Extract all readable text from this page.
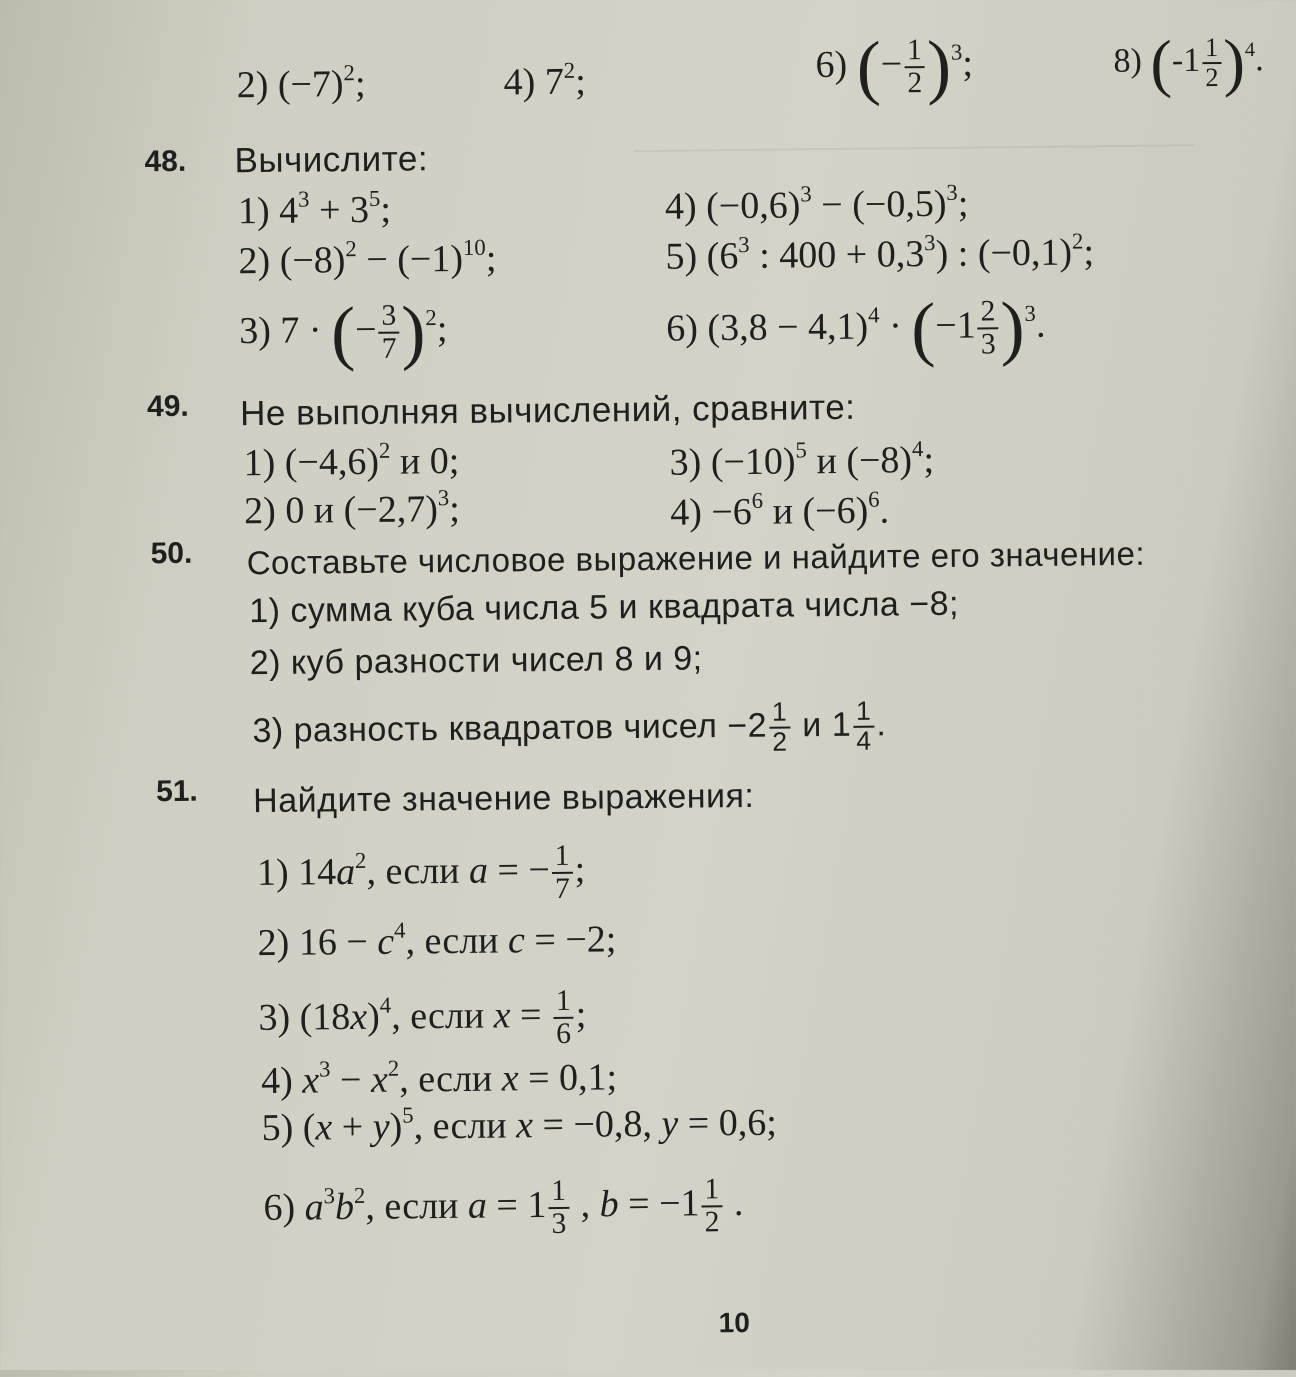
2) $(-7)^2$;	4) $7^2$;	6) (− $\frac{1}{2} )^3$;	8) $(-1 \frac{1}{2} )^4$.
48. Вычислите:
1) $4^3 + 3^5$;
2) $(-8)^2 - (-1)^{10}$;
3) 7 · (− $\frac{3}{7} )^2$;
4) $(-0,6)^3 - (-0,5)^3$;
5) ($6^3$ : $400 + 0,3^3$) : $(-0,1)^2$;
6) $(3,8 - 4,1)^4 \cdot (-1 \frac{2}{3} )^3$.
49. Не выполняя вычислений, сравните:
1) $(-4,6)^2$ и 0;
2) 0 и $(-2,7)^3$;
3) $(-10)^5$ и $(-8)^4$;
$4) -6^6$ и $(-6)^6$.
50. Составьте числовое выражение и найдите его значение:
1) сумма куба числа 5 и квадрата числа −8;
2) куб разности чисел 8 и 9;
3) разность квадратов чисел $-2 \frac{1}{2}$ и $1 \frac{1}{4}$ .
51. Найдите значение выражения:
1) $14a^2$, если a = − $\frac{1}{7}$ ;
2) $16 - c^4$, если c = −2;
3) $(18x)^4$, если $x = \frac{1}{6}$ ;
4) $x^3 - x^2$, если x = 0,1;
5) $(x + y)^5$, если x = −0,8, y = 0,6;
6) $a^3b^2$, если $a = 1 \frac{1}{3}$ , $b = -1 \frac{1}{2}$ .
10
